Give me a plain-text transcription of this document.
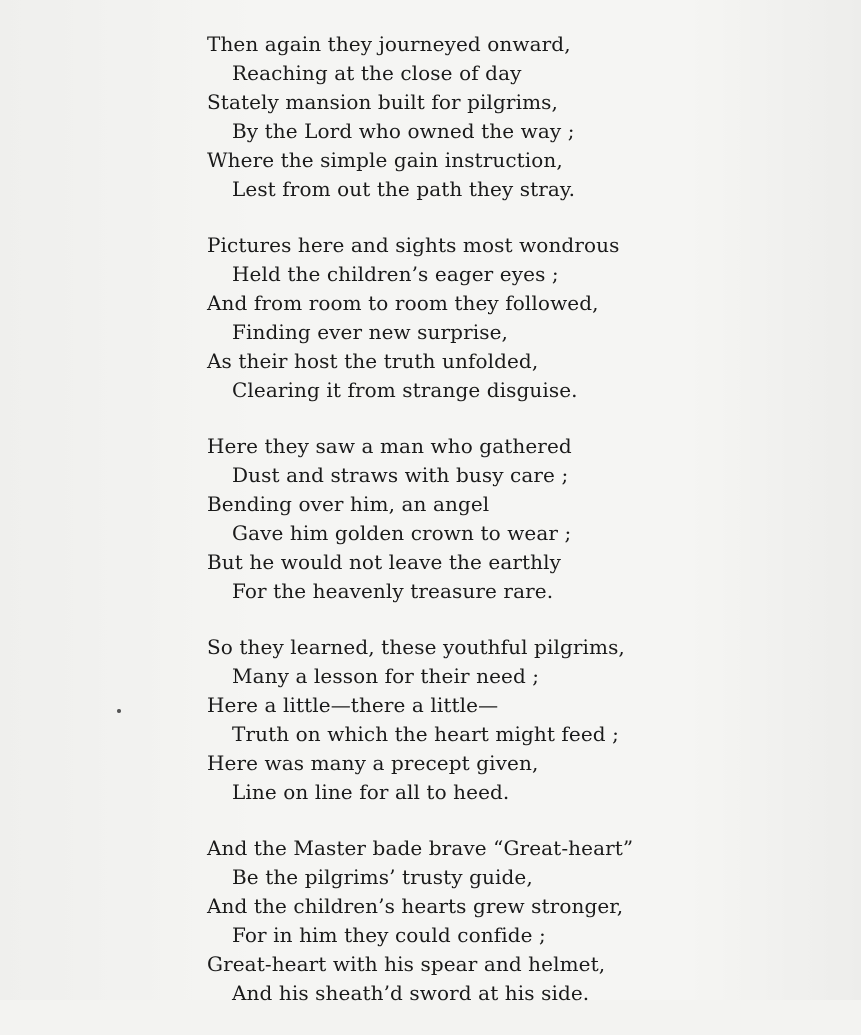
Then again they journeyed onward,
Reaching at the close of day
Stately mansion built for pilgrims,
By the Lord who owned the way ;
Where the simple gain instruction,
Lest from out the path they stray.
Pictures here and sights most wondrous
Held the children’s eager eyes ;
And from room to room they followed,
Finding ever new surprise,
As their host the truth unfolded,
Clearing it from strange disguise.
Here they saw a man who gathered
Dust and straws with busy care ;
Bending over him, an angel
Gave him golden crown to wear ;
But he would not leave the earthly
For the heavenly treasure rare.
So they learned, these youthful pilgrims,
Many a lesson for their need ;
Here a little—there a little—
Truth on which the heart might feed ;
Here was many a precept given,
Line on line for all to heed.
And the Master bade brave “Great-heart”
Be the pilgrims’ trusty guide,
And the children’s hearts grew stronger,
For in him they could confide ;
Great-heart with his spear and helmet,
And his sheath’d sword at his side.
